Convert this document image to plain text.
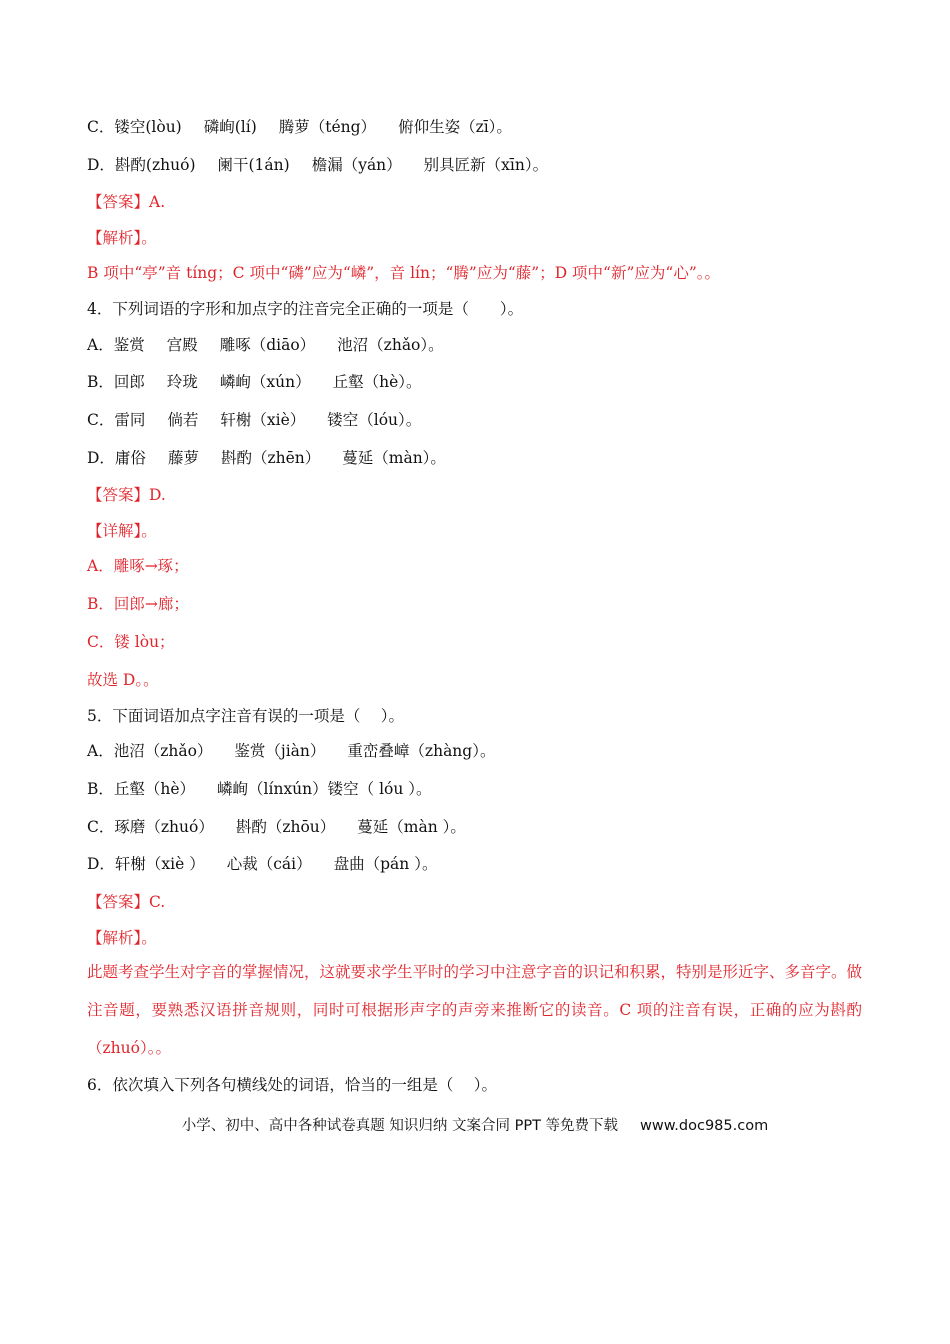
C．镂空(lòu) 磷峋(lí) 腾萝（téng） 俯仰生姿（zī）。
D．斟酌(zhuó) 阑干(1án) 檐漏（yán） 别具匠新（xīn）。
【答案】A.
【解析】。
B 项中“亭”音 tíng；C 项中“磷”应为“嶙”，音 lín；“腾”应为“藤”；D 项中“新”应为“心”。。
4．下列词语的字形和加点字的注音完全正确的一项是（　　）。
A．鉴赏 宫殿 雕啄（diāo） 池沼（zhǎo）。
B．回郎 玲珑 嶙峋（xún） 丘壑（hè）。
C．雷同 倘若 轩榭（xiè） 镂空（lóu）。
D．庸俗 藤萝 斟酌（zhēn） 蔓延（màn）。
【答案】D.
【详解】。
A．雕啄→琢；
B．回郎→廊；
C．镂 lòu；
故选 D。。
5．下面词语加点字注音有误的一项是（　 ）。
A．池沼（zhǎo） 鉴赏（jiàn） 重峦叠嶂（zhàng）。
B．丘壑（hè） 嶙峋（línxún）镂空（ lóu ）。
C．琢磨（zhuó） 斟酌（zhōu） 蔓延（màn ）。
D．轩榭（xiè ） 心裁（cái） 盘曲（pán ）。
【答案】C.
【解析】。
此题考查学生对字音的掌握情况，这就要求学生平时的学习中注意字音的识记和积累，特别是形近字、多音字。做注音题，要熟悉汉语拼音规则，同时可根据形声字的声旁来推断它的读音。C 项的注音有误，正确的应为斟酌（zhuó）。。
6．依次填入下列各句横线处的词语，恰当的一组是（　 ）。
小学、初中、高中各种试卷真题 知识归纳 文案合同 PPT 等免费下载 www.doc985.com
